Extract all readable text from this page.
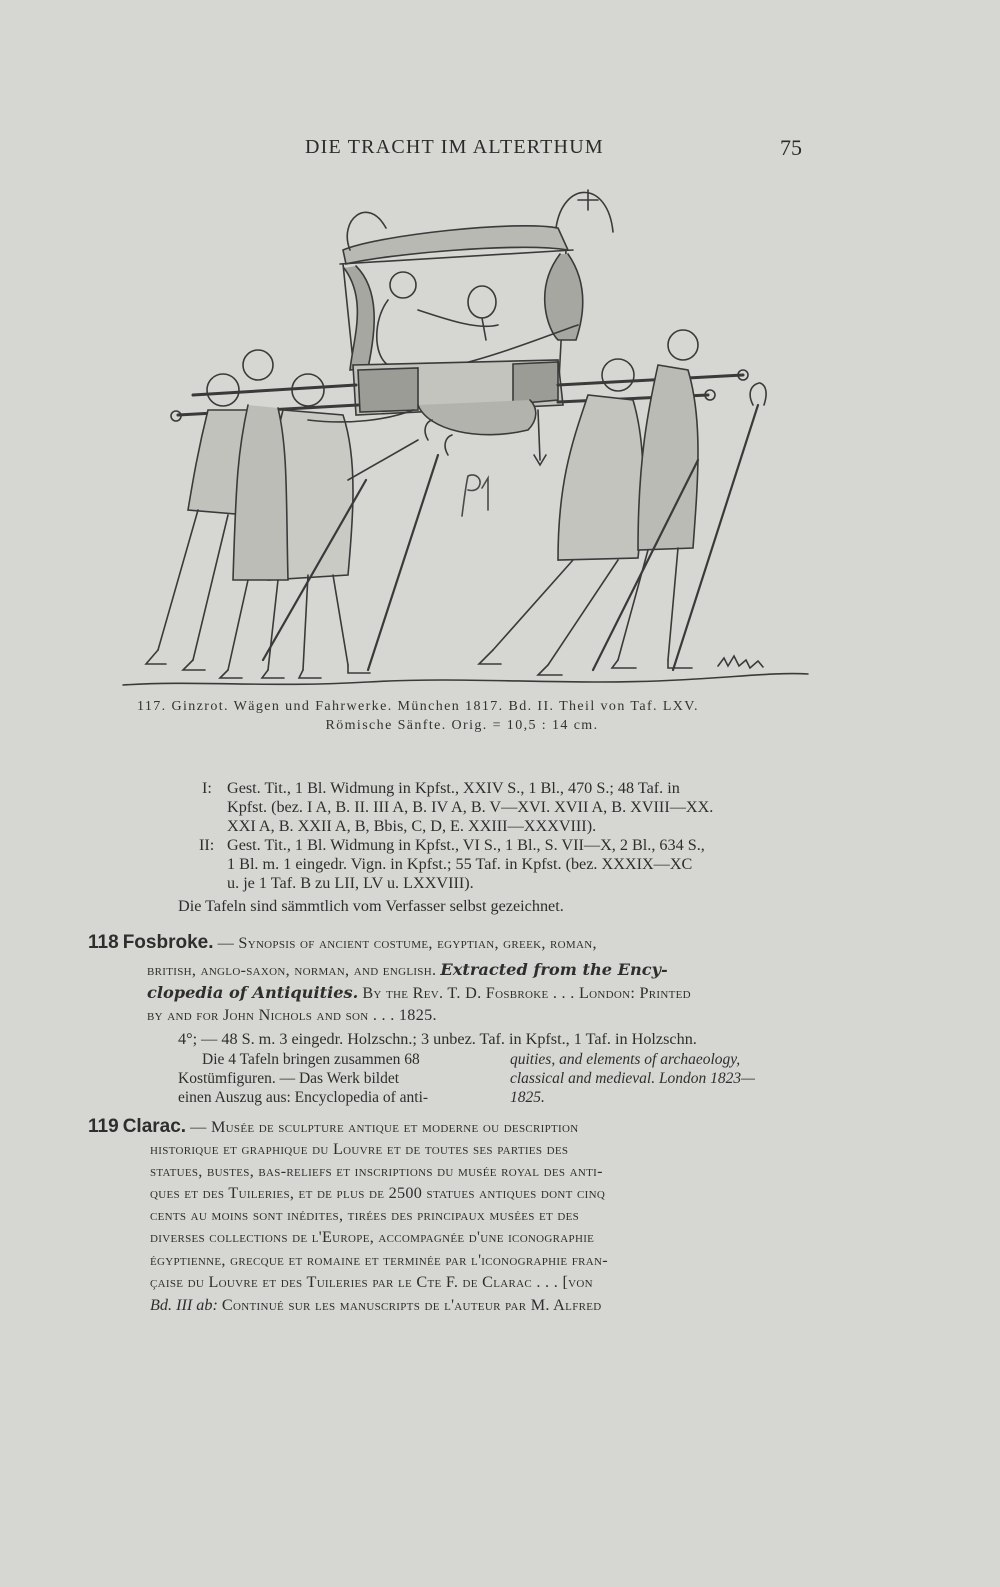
DIE TRACHT IM ALTERTHUM	75
117. Ginzrot. Wägen und Fahrwerke. München 1817. Bd. II. Theil von Taf. LXV.
Römische Sänfte. Orig. = 10,5 : 14 cm.
I: Gest. Tit., 1 Bl. Widmung in Kpfst., XXIV S., 1 Bl., 470 S.; 48 Taf. in
Kpfst. (bez. I A, B. II. III A, B. IV A, B. V—XVI. XVII A, B. XVIII—XX.
XXI A, B. XXII A, B, Bbis, C, D, E. XXIII—XXXVIII).
II: Gest. Tit., 1 Bl. Widmung in Kpfst., VI S., 1 Bl., S. VII—X, 2 Bl., 634 S.,
1 Bl. m. 1 eingedr. Vign. in Kpfst.; 55 Taf. in Kpfst. (bez. XXXIX—XC
u. je 1 Taf. B zu LII, LV u. LXXVIII).
Die Tafeln sind sämmtlich vom Verfasser selbst gezeichnet.
118 Fosbroke. — Synopsis of ancient costume, egyptian, greek, roman,
british, anglo-saxon, norman, and english. Extracted from the Ency-
clopedia of Antiquities. By the Rev. T. D. Fosbroke . . . London: Printed
by and for John Nichols and son . . . 1825.
4°; — 48 S. m. 3 eingedr. Holzschn.; 3 unbez. Taf. in Kpfst., 1 Taf. in Holzschn.
Die 4 Tafeln bringen zusammen 68
Kostümfiguren. — Das Werk bildet
einen Auszug aus: Encyclopedia of anti-
quities, and elements of archaeology,
classical and medieval. London 1823—
1825.
119 Clarac. — Musée de sculpture antique et moderne ou description
historique et graphique du Louvre et de toutes ses parties des
statues, bustes, bas-reliefs et inscriptions du musée royal des anti-
ques et des Tuileries, et de plus de 2500 statues antiques dont cinq
cents au moins sont inédites, tirées des principaux musées et des
diverses collections de l'Europe, accompagnée d'une iconographie
égyptienne, grecque et romaine et terminée par l'iconographie fran-
çaise du Louvre et des Tuileries par le Cte F. de Clarac . . . [von
Bd. III ab: Continué sur les manuscripts de l'auteur par M. Alfred
